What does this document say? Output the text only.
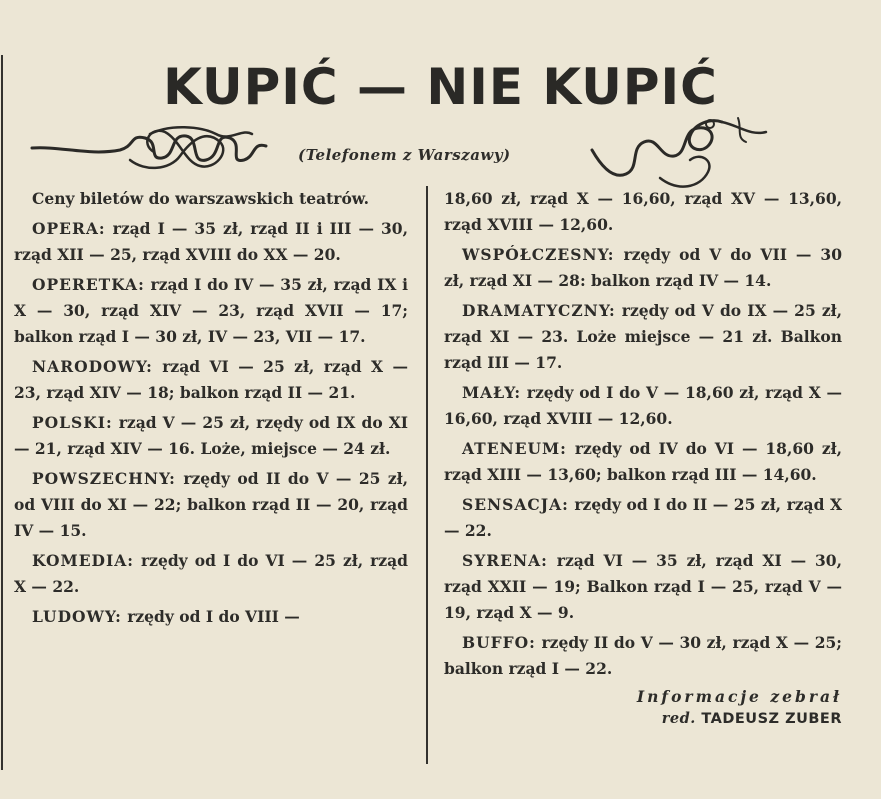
KUPIĆ — NIE KUPIĆ
(Telefonem z Warszawy)

Ceny biletów do warszawskich teatrów.

OPERA: rząd I — 35 zł, rząd II i III — 30, rząd XII — 25, rząd XVIII do XX — 20.

OPERETKA: rząd I do IV — 35 zł, rząd IX i X — 30, rząd XIV — 23, rząd XVII — 17; balkon rząd I — 30 zł, IV — 23, VII — 17.

NARODOWY: rząd VI — 25 zł, rząd X — 23, rząd XIV — 18; balkon rząd II — 21.

POLSKI: rząd V — 25 zł, rzędy od IX do XI — 21, rząd XIV — 16. Loże, miejsce — 24 zł.

POWSZECHNY: rzędy od II do V — 25 zł, od VIII do XI — 22; balkon rząd II — 20, rząd IV — 15.

KOMEDIA: rzędy od I do VI — 25 zł, rząd X — 22.

LUDOWY: rzędy od I do VIII —

18,60 zł, rząd X — 16,60, rząd XV — 13,60, rząd XVIII — 12,60.

WSPÓŁCZESNY: rzędy od V do VII — 30 zł, rząd XI — 28: balkon rząd IV — 14.

DRAMATYCZNY: rzędy od V do IX — 25 zł, rząd XI — 23. Loże miejsce — 21 zł. Balkon rząd III — 17.

MAŁY: rzędy od I do V — 18,60 zł, rząd X — 16,60, rząd XVIII — 12,60.

ATENEUM: rzędy od IV do VI — 18,60 zł, rząd XIII — 13,60; balkon rząd III — 14,60.

SENSACJA: rzędy od I do II — 25 zł, rząd X — 22.

SYRENA: rząd VI — 35 zł, rząd XI — 30, rząd XXII — 19; Balkon rząd I — 25, rząd V — 19, rząd X — 9.

BUFFO: rzędy II do V — 30 zł, rząd X — 25; balkon rząd I — 22.

Informacje zebrał
red. TADEUSZ ZUBER
